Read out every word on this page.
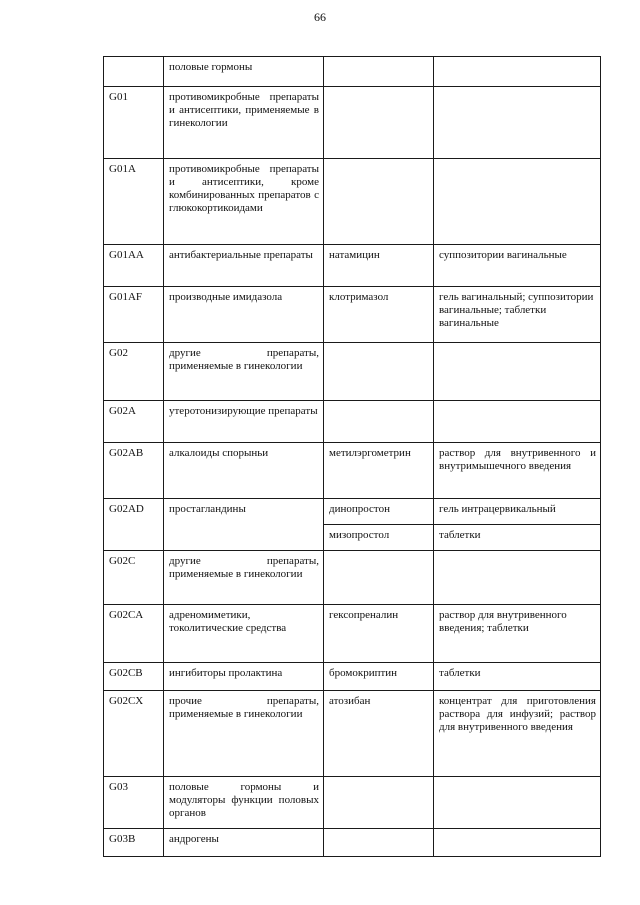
66
	половые гормоны		
G01	противомикробные препараты и антисептики, применяемые в гинекологии		
G01A	противомикробные препараты и антисептики, кроме комбинированных препаратов с глюкокортикоидами		
G01AA	антибактериальные препараты	натамицин	суппозитории вагинальные
G01AF	производные имидазола	клотримазол	гель вагинальный; суппозитории вагинальные; таблетки вагинальные
G02	другие препараты, применяемые в гинекологии		
G02A	утеротонизирующие препараты		
G02AB	алкалоиды спорыньи	метилэргометрин	раствор для внутривенного и внутримышечного введения
G02AD	простагландины	динопростон	гель интрацервикальный
		мизопростол	таблетки
G02C	другие препараты, применяемые в гинекологии		
G02CA	адреномиметики, токолитические средства	гексопреналин	раствор для внутривенного введения; таблетки
G02CB	ингибиторы пролактина	бромокриптин	таблетки
G02CX	прочие препараты, применяемые в гинекологии	атозибан	концентрат для приготовления раствора для инфузий; раствор для внутривенного введения
G03	половые гормоны и модуляторы функции половых органов		
G03B	андрогены		
